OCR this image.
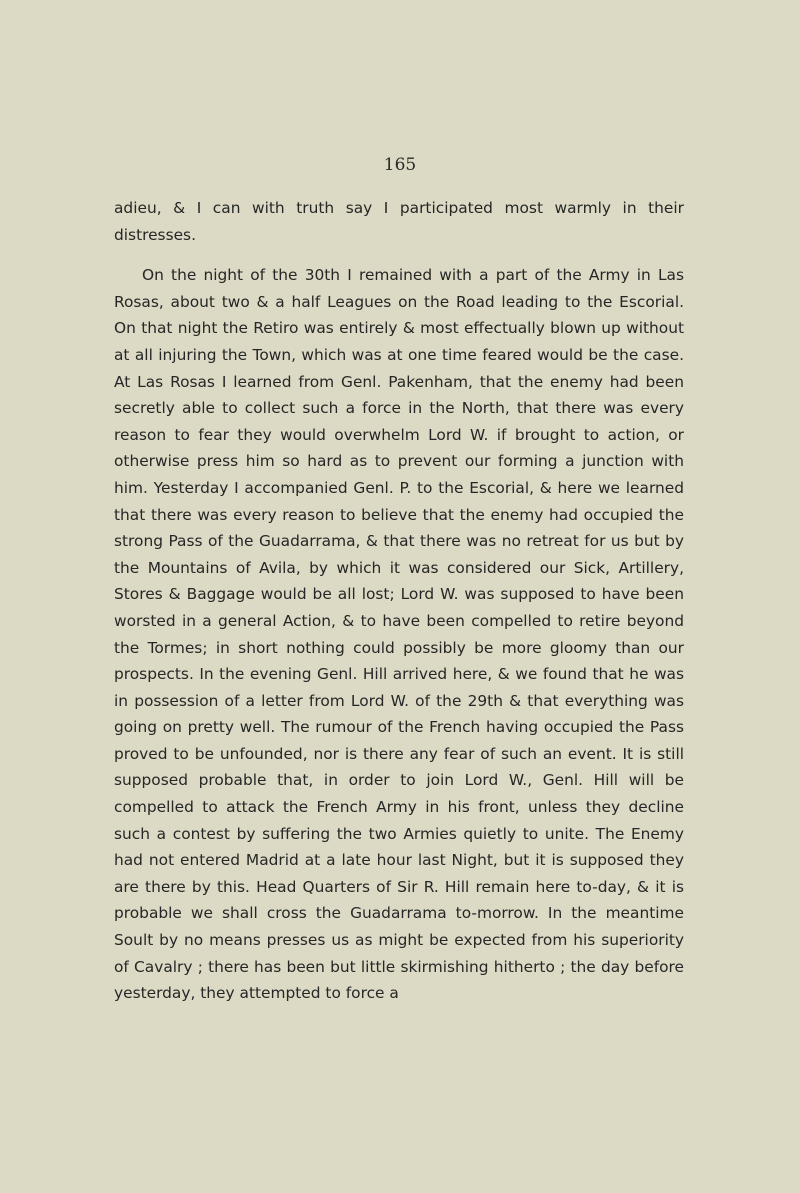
165

adieu, & I can with truth say I participated most warmly in their distresses.

On the night of the 30th I remained with a part of the Army in Las Rosas, about two & a half Leagues on the Road leading to the Escorial. On that night the Retiro was entirely & most effectually blown up without at all injuring the Town, which was at one time feared would be the case. At Las Rosas I learned from Genl. Pakenham, that the enemy had been secretly able to collect such a force in the North, that there was every reason to fear they would overwhelm Lord W. if brought to action, or otherwise press him so hard as to prevent our forming a junction with him. Yesterday I accompanied Genl. P. to the Escorial, & here we learned that there was every reason to believe that the enemy had occupied the strong Pass of the Guadarrama, & that there was no retreat for us but by the Mountains of Avila, by which it was considered our Sick, Artillery, Stores & Baggage would be all lost; Lord W. was supposed to have been worsted in a general Action, & to have been compelled to retire beyond the Tormes; in short nothing could possibly be more gloomy than our prospects. In the evening Genl. Hill arrived here, & we found that he was in possession of a letter from Lord W. of the 29th & that everything was going on pretty well. The rumour of the French having occupied the Pass proved to be unfounded, nor is there any fear of such an event. It is still supposed probable that, in order to join Lord W., Genl. Hill will be compelled to attack the French Army in his front, unless they decline such a contest by suffering the two Armies quietly to unite. The Enemy had not entered Madrid at a late hour last Night, but it is supposed they are there by this. Head Quarters of Sir R. Hill remain here to-day, & it is probable we shall cross the Guadarrama to-morrow. In the meantime Soult by no means presses us as might be expected from his superiority of Cavalry ; there has been but little skirmishing hitherto ; the day before yesterday, they attempted to force a
